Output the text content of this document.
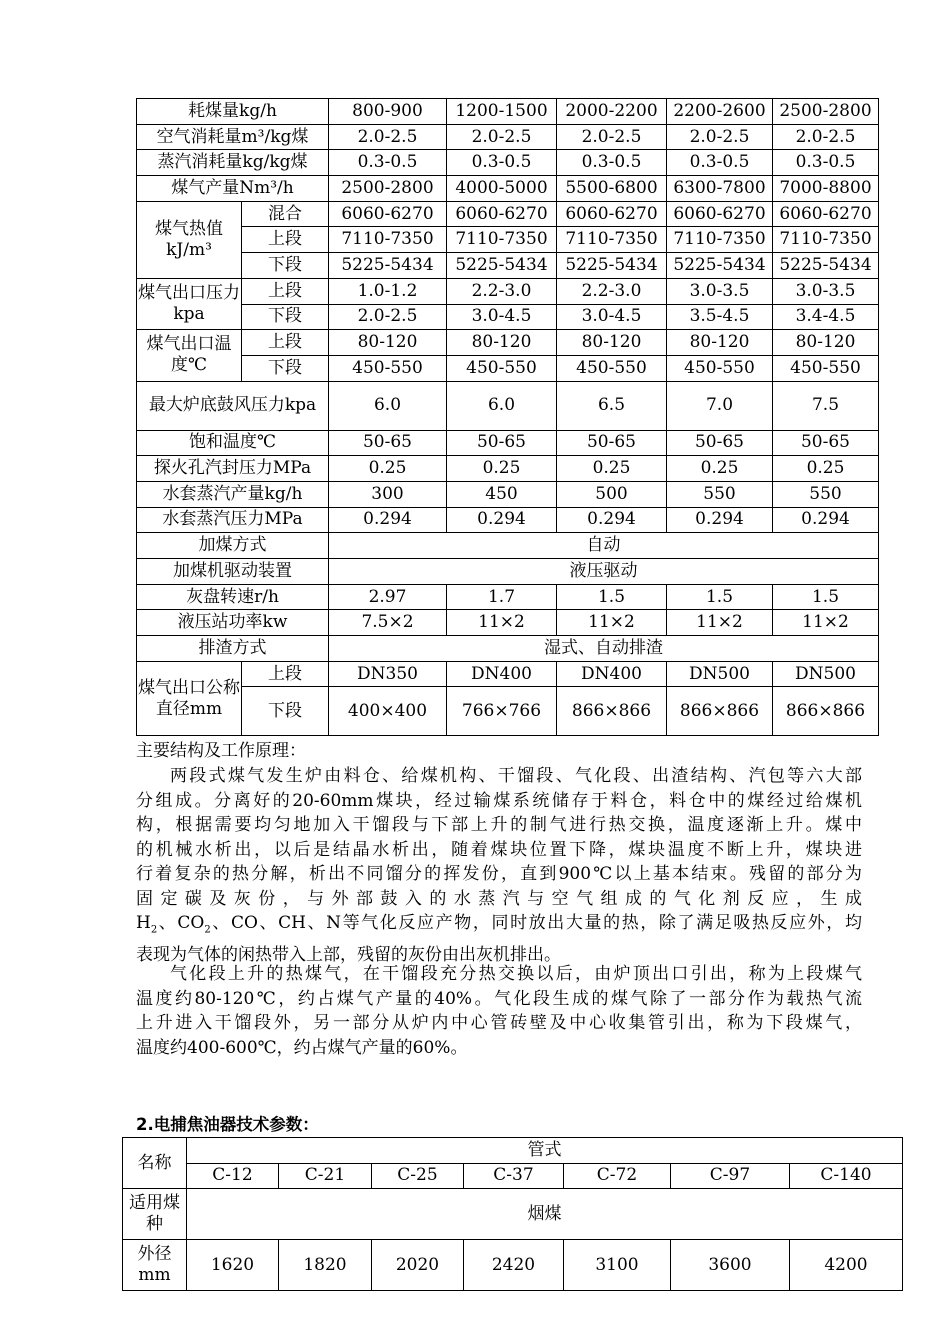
耗煤量kg/h		800-900	1200-1500	2000-2200	2200-2600	2500-2800
空气消耗量m³/kg煤		2.0-2.5	2.0-2.5	2.0-2.5	2.0-2.5	2.0-2.5
蒸汽消耗量kg/kg煤		0.3-0.5	0.3-0.5	0.3-0.5	0.3-0.5	0.3-0.5
煤气产量Nm³/h		2500-2800	4000-5000	5500-6800	6300-7800	7000-8800
煤气热值kJ/m³	混合	6060-6270	6060-6270	6060-6270	6060-6270	6060-6270
	上段	7110-7350	7110-7350	7110-7350	7110-7350	7110-7350
	下段	5225-5434	5225-5434	5225-5434	5225-5434	5225-5434
煤气出口压力kpa	上段	1.0-1.2	2.2-3.0	2.2-3.0	3.0-3.5	3.0-3.5
	下段	2.0-2.5	3.0-4.5	3.0-4.5	3.5-4.5	3.4-4.5
煤气出口温度℃	上段	80-120	80-120	80-120	80-120	80-120
	下段	450-550	450-550	450-550	450-550	450-550
最大炉底鼓风压力kpa		6.0	6.0	6.5	7.0	7.5
饱和温度℃		50-65	50-65	50-65	50-65	50-65
探火孔汽封压力MPa		0.25	0.25	0.25	0.25	0.25
水套蒸汽产量kg/h		300	450	500	550	550
水套蒸汽压力MPa		0.294	0.294	0.294	0.294	0.294
加煤方式		自动				
加煤机驱动装置		液压驱动				
灰盘转速r/h		2.97	1.7	1.5	1.5	1.5
液压站功率kw		7.5×2	11×2	11×2	11×2	11×2
排渣方式		湿式、自动排渣				
煤气出口公称直径mm	上段	DN350	DN400	DN400	DN500	DN500
	下段	400×400	766×766	866×866	866×866	866×866
主要结构及工作原理：
两段式煤气发生炉由料仓、给煤机构、干馏段、气化段、出渣结构、汽包等六大部
分组成。分离好的20-60mm煤块，经过输煤系统储存于料仓，料仓中的煤经过给煤机
构，根据需要均匀地加入干馏段与下部上升的制气进行热交换，温度逐渐上升。煤中
的机械水析出，以后是结晶水析出，随着煤块位置下降，煤块温度不断上升，煤块进
行着复杂的热分解，析出不同馏分的挥发份，直到900℃以上基本结束。残留的部分为
固定碳及灰份，与外部鼓入的水蒸汽与空气组成的气化剂反应，生成
$H_2$、$CO_2$、CO、CH、N等气化反应产物，同时放出大量的热，除了满足吸热反应外，均
表现为气体的闲热带入上部，残留的灰份由出灰机排出。
气化段上升的热煤气，在干馏段充分热交换以后，由炉顶出口引出，称为上段煤气
温度约80-120℃，约占煤气产量的40%。气化段生成的煤气除了一部分作为载热气流
上升进入干馏段外，另一部分从炉内中心管砖壁及中心收集管引出，称为下段煤气，
温度约400-600℃，约占煤气产量的60%。
2.电捕焦油器技术参数：
名称	管式						
	C-12	C-21	C-25	C-37	C-72	C-97	C-140
适用煤种	烟煤						
外径mm	1620	1820	2020	2420	3100	3600	4200
